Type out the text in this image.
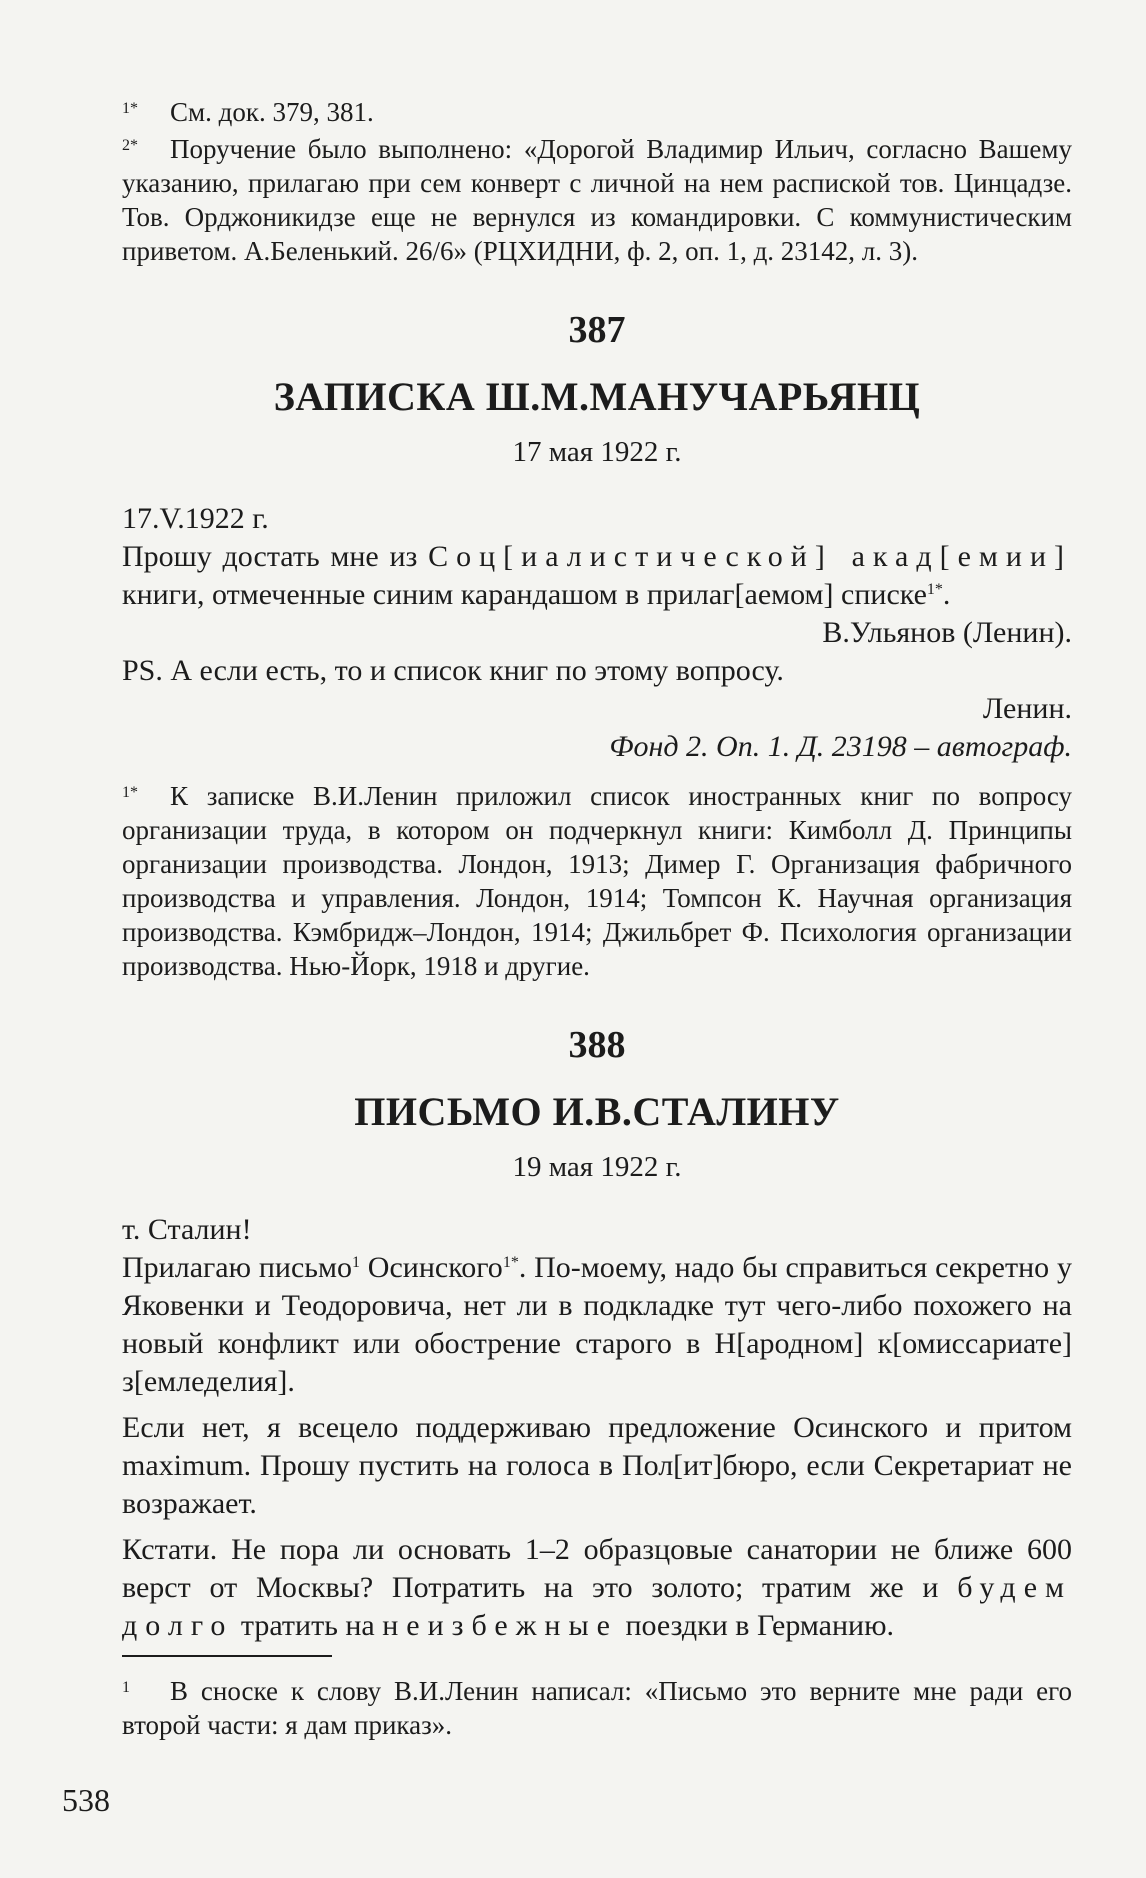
1* См. док. 379, 381.

2* Поручение было выполнено: «Дорогой Владимир Ильич, согласно Вашему указанию, прилагаю при сем конверт с личной на нем распиской тов. Цинцадзе. Тов. Орджоникидзе еще не вернулся из командировки. С коммунистическим приветом. А.Беленький. 26/6» (РЦХИДНИ, ф. 2, оп. 1, д. 23142, л. 3).

387
ЗАПИСКА Ш.М.МАНУЧАРЬЯНЦ
17 мая 1922 г.

17.V.1922 г.

Прошу достать мне из Соц[иалистической] акад[емии] книги, отмеченные синим карандашом в прилаг[аемом] списке$^{1*}$.

В.Ульянов (Ленин).

PS. А если есть, то и список книг по этому вопросу.

Ленин.

Фонд 2. Оп. 1. Д. 23198 – автограф.

1* К записке В.И.Ленин приложил список иностранных книг по вопросу организации труда, в котором он подчеркнул книги: Кимболл Д. Принципы организации производства. Лондон, 1913; Димер Г. Организация фабричного производства и управления. Лондон, 1914; Томпсон К. Научная организация производства. Кэмбридж–Лондон, 1914; Джильбрет Ф. Психология организации производства. Нью-Йорк, 1918 и другие.

388
ПИСЬМО И.В.СТАЛИНУ
19 мая 1922 г.

т. Сталин!

Прилагаю письмо$^1$ Осинского$^{1*}$. По-моему, надо бы справиться секретно у Яковенки и Теодоровича, нет ли в подкладке тут чего-либо похожего на новый конфликт или обострение старого в Н[ародном] к[омиссариате] з[емледелия].

Если нет, я всецело поддерживаю предложение Осинского и притом maximum. Прошу пустить на голоса в Пол[ит]бюро, если Секретариат не возражает.

Кстати. Не пора ли основать 1–2 образцовые санатории не ближе 600 верст от Москвы? Потратить на это золото; тратим же и будем долго тратить на неизбежные поездки в Германию.

1 В сноске к слову В.И.Ленин написал: «Письмо это верните мне ради его второй части: я дам приказ».

538
